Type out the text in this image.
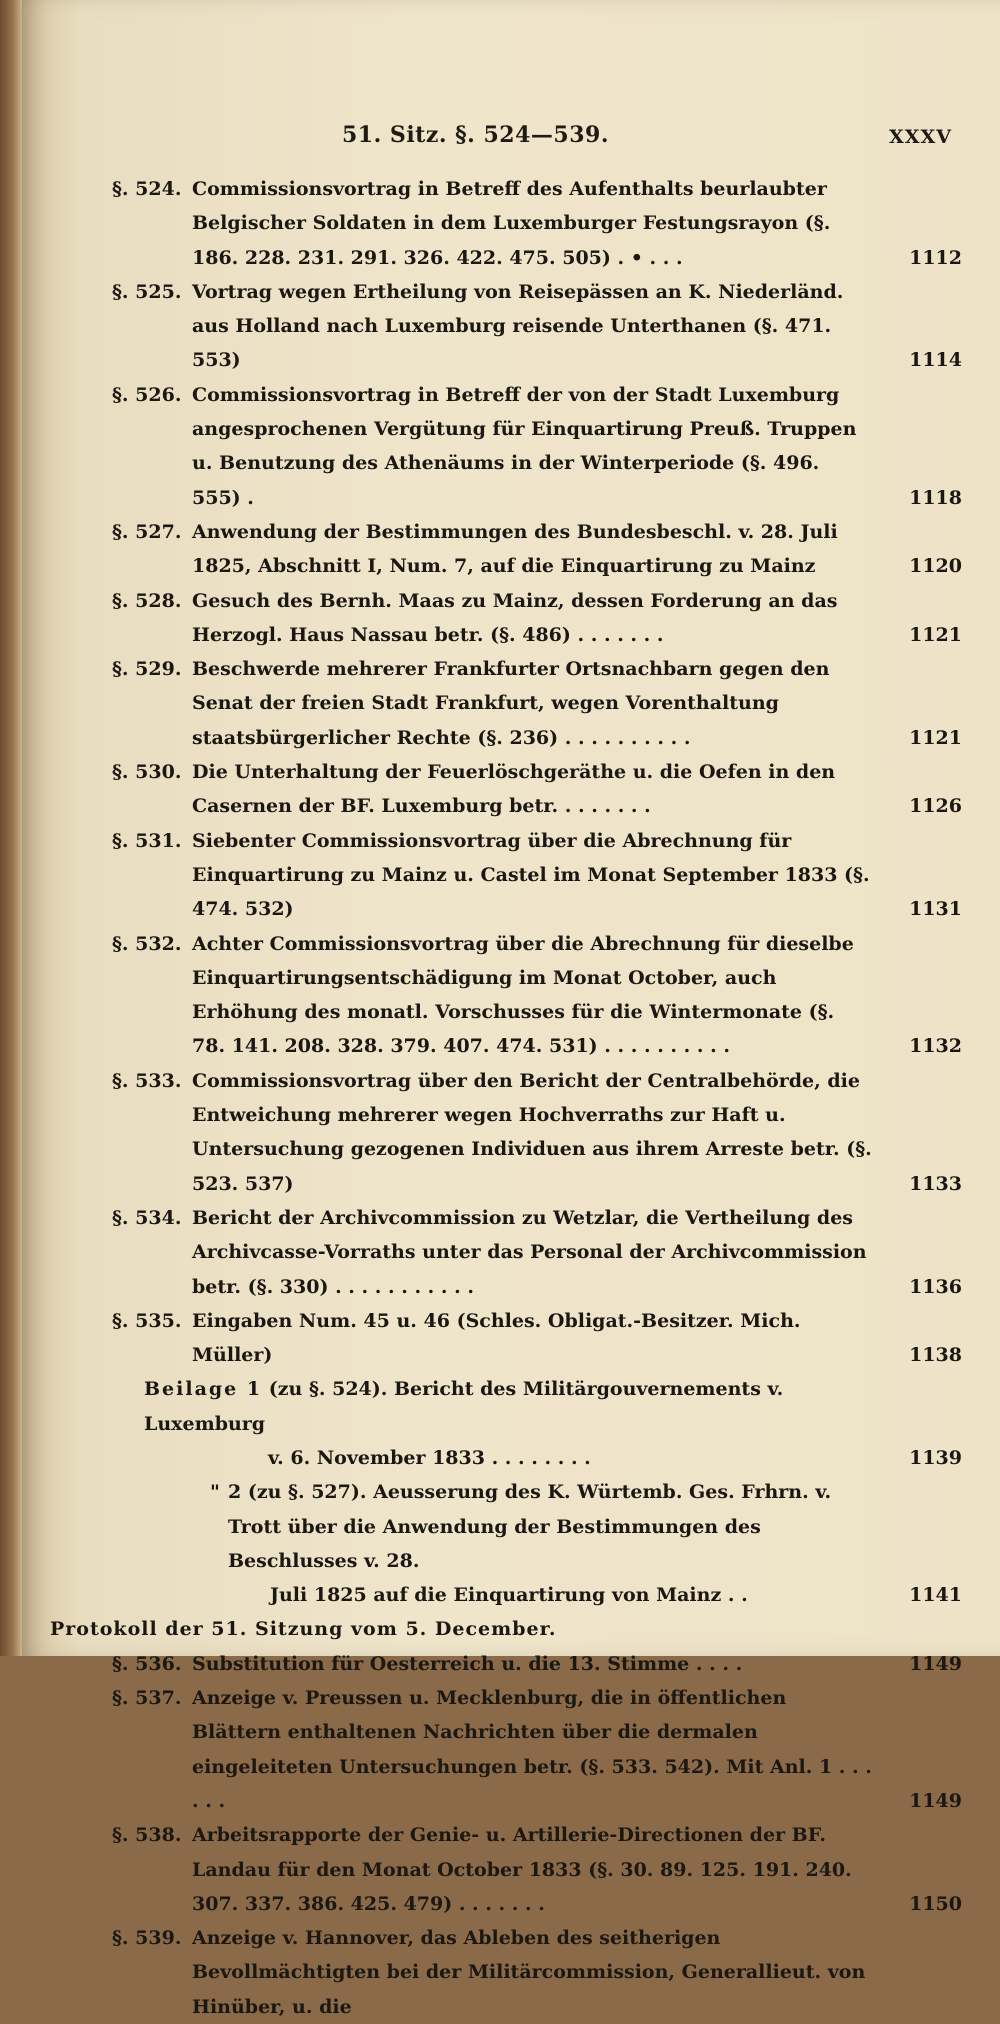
51. Sitz. §. 524—539.	XXXV
§. 524. Commissionsvortrag in Betreff des Aufenthalts beurlaubter Belgischer Soldaten in dem Luxemburger Festungsrayon (§. 186. 228. 231. 291. 326. 422. 475. 505) . • . . .	1112
§. 525. Vortrag wegen Ertheilung von Reisepässen an K. Niederländ. aus Holland nach Luxemburg reisende Unterthanen (§. 471. 553)	1114
§. 526. Commissionsvortrag in Betreff der von der Stadt Luxemburg angesprochenen Vergütung für Einquartirung Preuß. Truppen u. Benutzung des Athenäums in der Winterperiode (§. 496. 555) .	1118
§. 527. Anwendung der Bestimmungen des Bundesbeschl. v. 28. Juli 1825, Abschnitt I, Num. 7, auf die Einquartirung zu Mainz	1120
§. 528. Gesuch des Bernh. Maas zu Mainz, dessen Forderung an das Herzogl. Haus Nassau betr. (§. 486) . . . . . . .	1121
§. 529. Beschwerde mehrerer Frankfurter Ortsnachbarn gegen den Senat der freien Stadt Frankfurt, wegen Vorenthaltung staatsbürgerlicher Rechte (§. 236) . . . . . . . . . .	1121
§. 530. Die Unterhaltung der Feuerlöschgeräthe u. die Oefen in den Casernen der BF. Luxemburg betr. . . . . . . .	1126
§. 531. Siebenter Commissionsvortrag über die Abrechnung für Einquartirung zu Mainz u. Castel im Monat September 1833 (§. 474. 532)	1131
§. 532. Achter Commissionsvortrag über die Abrechnung für dieselbe Einquartirungsentschädigung im Monat October, auch Erhöhung des monatl. Vorschusses für die Wintermonate (§. 78. 141. 208. 328. 379. 407. 474. 531) . . . . . . . . . .	1132
§. 533. Commissionsvortrag über den Bericht der Centralbehörde, die Entweichung mehrerer wegen Hochverraths zur Haft u. Untersuchung gezogenen Individuen aus ihrem Arreste betr. (§. 523. 537)	1133
§. 534. Bericht der Archivcommission zu Wetzlar, die Vertheilung des Archivcasse-Vorraths unter das Personal der Archivcommission betr. (§. 330) . . . . . . . . . . .	1136
§. 535. Eingaben Num. 45 u. 46 (Schles. Obligat.-Besitzer. Mich. Müller)	1138
Beilage 1 (zu §. 524). Bericht des Militärgouvernements v. Luxemburg
v. 6. November 1833 . . . . . . . .	1139
" 2 (zu §. 527). Aeusserung des K. Würtemb. Ges. Frhrn. v. Trott über die Anwendung der Bestimmungen des Beschlusses v. 28.
Juli 1825 auf die Einquartirung von Mainz . .	1141
Protokoll der 51. Sitzung vom 5. December.
§. 536. Substitution für Oesterreich u. die 13. Stimme . . . .	1149
§. 537. Anzeige v. Preussen u. Mecklenburg, die in öffentlichen Blättern enthaltenen Nachrichten über die dermalen eingeleiteten Untersuchungen betr. (§. 533. 542). Mit Anl. 1 . . . . . .	1149
§. 538. Arbeitsrapporte der Genie- u. Artillerie-Directionen der BF. Landau für den Monat October 1833 (§. 30. 89. 125. 191. 240. 307. 337. 386. 425. 479) . . . . . . .	1150
§. 539. Anzeige v. Hannover, das Ableben des seitherigen Bevollmächtigten bei der Militärcommission, Generallieut. von Hinüber, u. die
